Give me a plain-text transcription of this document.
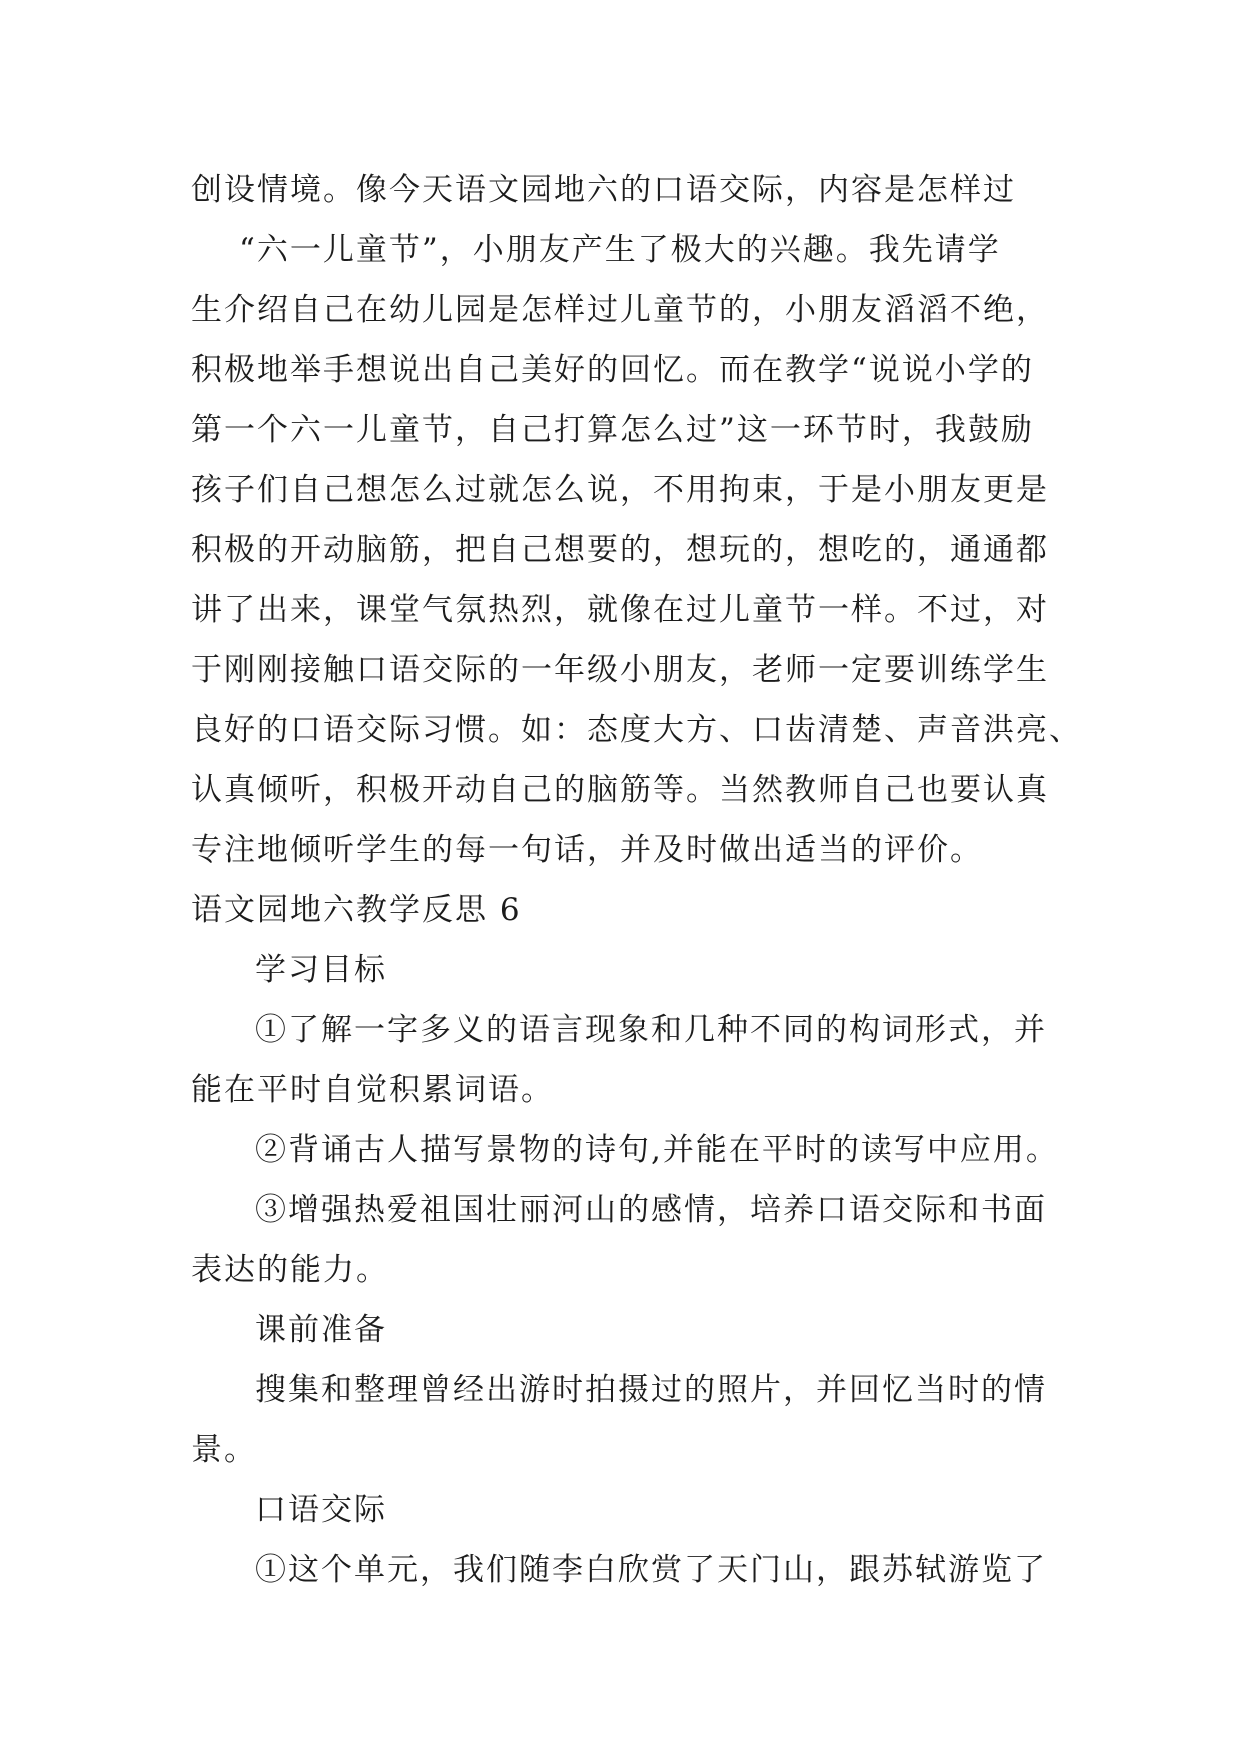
创设情境。像今天语文园地六的口语交际，内容是怎样过
“六一儿童节”，小朋友产生了极大的兴趣。我先请学
生介绍自己在幼儿园是怎样过儿童节的，小朋友滔滔不绝，
积极地举手想说出自己美好的回忆。而在教学“说说小学的
第一个六一儿童节，自己打算怎么过”这一环节时，我鼓励
孩子们自己想怎么过就怎么说，不用拘束，于是小朋友更是
积极的开动脑筋，把自己想要的，想玩的，想吃的，通通都
讲了出来，课堂气氛热烈，就像在过儿童节一样。不过，对
于刚刚接触口语交际的一年级小朋友，老师一定要训练学生
良好的口语交际习惯。如：态度大方、口齿清楚、声音洪亮、
认真倾听，积极开动自己的脑筋等。当然教师自己也要认真
专注地倾听学生的每一句话，并及时做出适当的评价。
语文园地六教学反思 6
学习目标
①了解一字多义的语言现象和几种不同的构词形式，并
能在平时自觉积累词语。
②背诵古人描写景物的诗句,并能在平时的读写中应用。
③增强热爱祖国壮丽河山的感情，培养口语交际和书面
表达的能力。
课前准备
搜集和整理曾经出游时拍摄过的照片，并回忆当时的情
景。
口语交际
①这个单元，我们随李白欣赏了天门山，跟苏轼游览了
